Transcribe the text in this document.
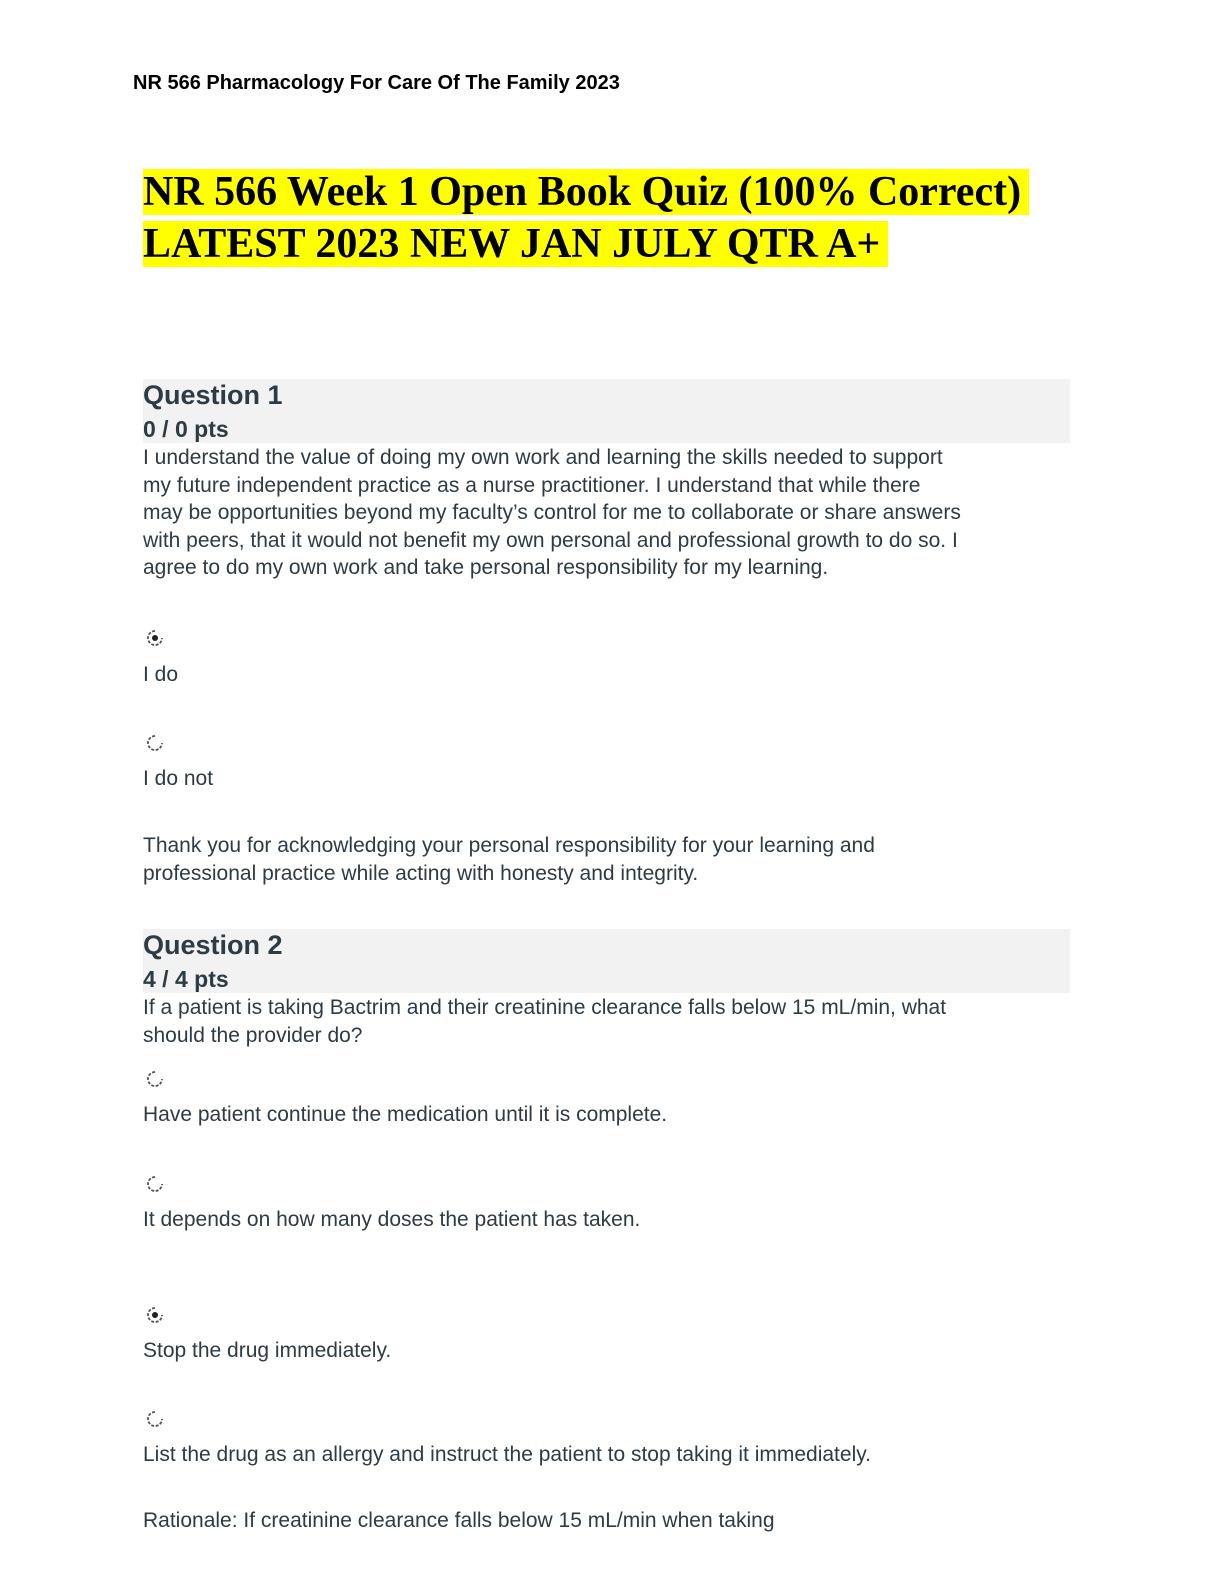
NR 566 Pharmacology For Care Of The Family 2023
NR 566 Week 1 Open Book Quiz (100% Correct)
LATEST 2023 NEW JAN JULY QTR A+
Question 1
0 / 0 pts
I understand the value of doing my own work and learning the skills needed to support
my future independent practice as a nurse practitioner. I understand that while there
may be opportunities beyond my faculty’s control for me to collaborate or share answers
with peers, that it would not benefit my own personal and professional growth to do so. I
agree to do my own work and take personal responsibility for my learning.
I do
I do not
Thank you for acknowledging your personal responsibility for your learning and
professional practice while acting with honesty and integrity.
Question 2
4 / 4 pts
If a patient is taking Bactrim and their creatinine clearance falls below 15 mL/min, what
should the provider do?
Have patient continue the medication until it is complete.
It depends on how many doses the patient has taken.
Stop the drug immediately.
List the drug as an allergy and instruct the patient to stop taking it immediately.
Rationale: If creatinine clearance falls below 15 mL/min when taking
